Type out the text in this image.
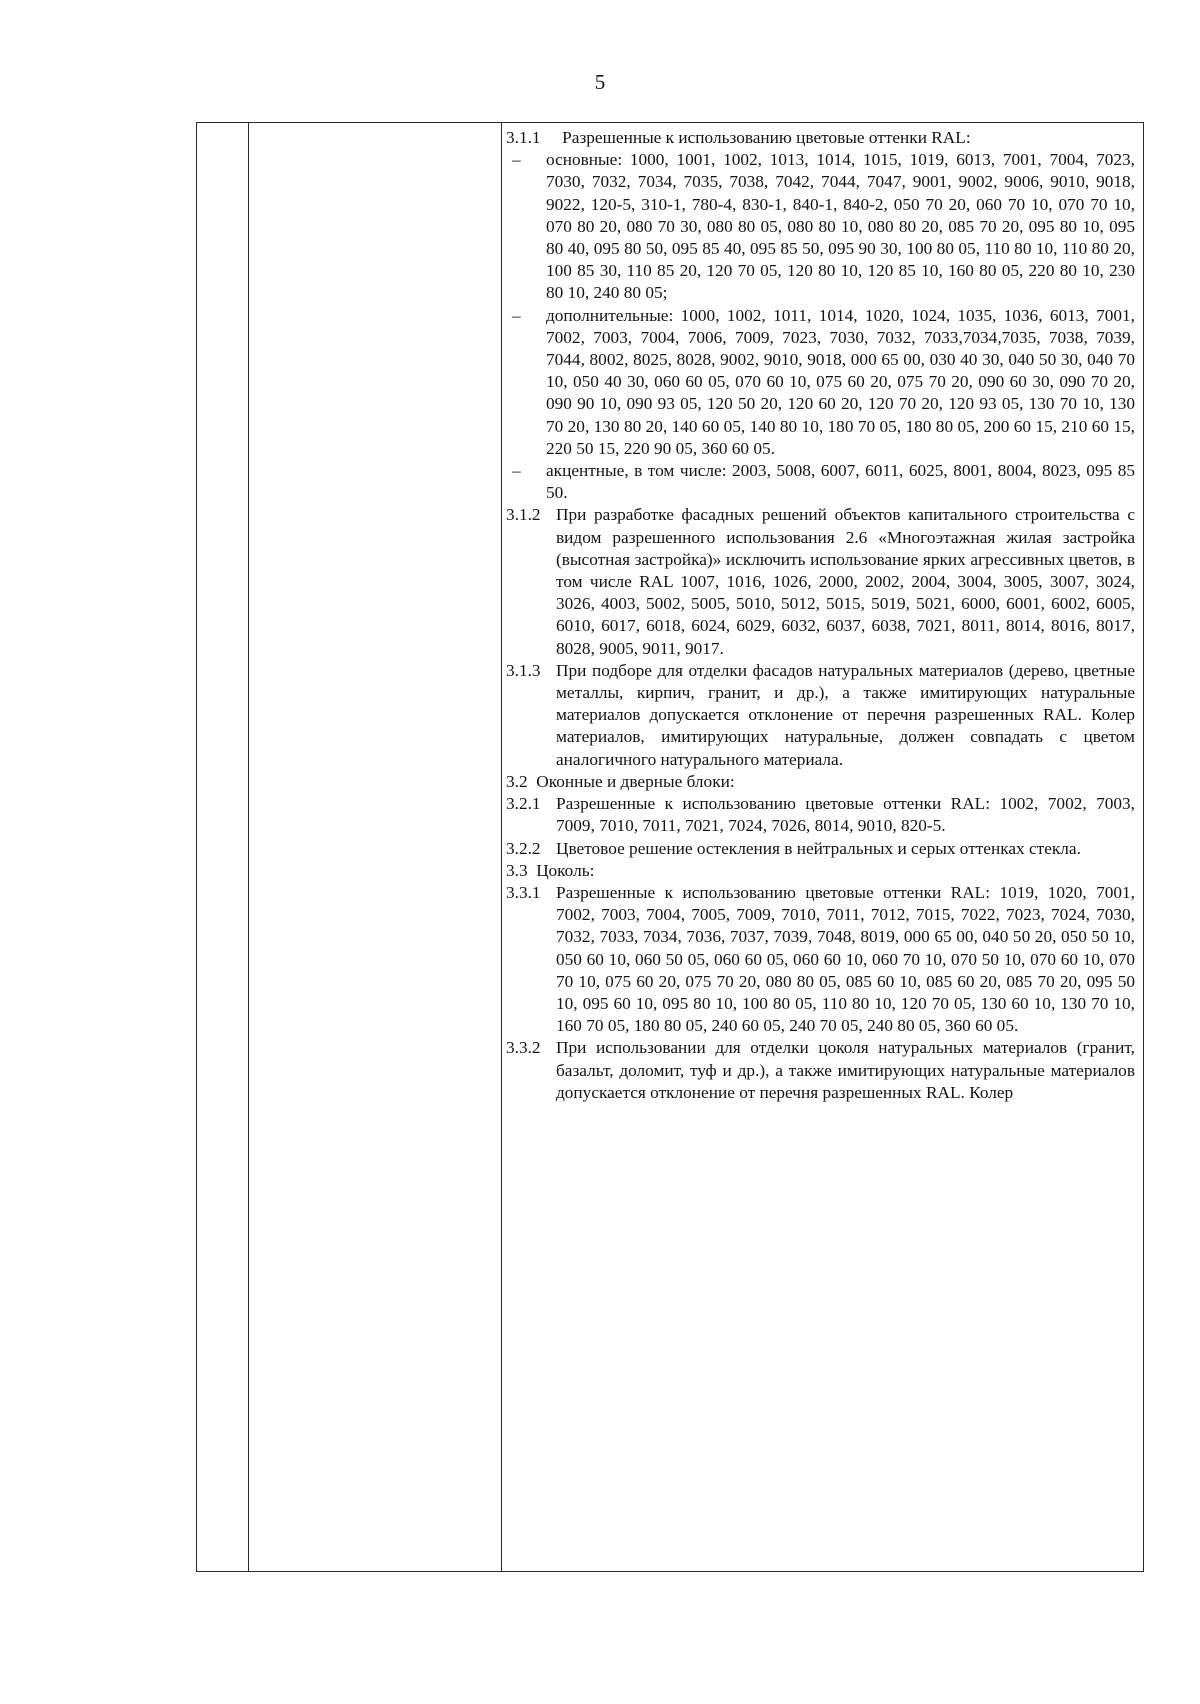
5
3.1.1 Разрешенные к использованию цветовые оттенки RAL:
– основные: 1000, 1001, 1002, 1013, 1014, 1015, 1019, 6013, 7001, 7004, 7023, 7030, 7032, 7034, 7035, 7038, 7042, 7044, 7047, 9001, 9002, 9006, 9010, 9018, 9022, 120-5, 310-1, 780-4, 830-1, 840-1, 840-2, 050 70 20, 060 70 10, 070 70 10, 070 80 20, 080 70 30, 080 80 05, 080 80 10, 080 80 20, 085 70 20, 095 80 10, 095 80 40, 095 80 50, 095 85 40, 095 85 50, 095 90 30, 100 80 05, 110 80 10, 110 80 20, 100 85 30, 110 85 20, 120 70 05, 120 80 10, 120 85 10, 160 80 05, 220 80 10, 230 80 10, 240 80 05;
– дополнительные: 1000, 1002, 1011, 1014, 1020, 1024, 1035, 1036, 6013, 7001, 7002, 7003, 7004, 7006, 7009, 7023, 7030, 7032, 7033,7034,7035, 7038, 7039, 7044, 8002, 8025, 8028, 9002, 9010, 9018, 000 65 00, 030 40 30, 040 50 30, 040 70 10, 050 40 30, 060 60 05, 070 60 10, 075 60 20, 075 70 20, 090 60 30, 090 70 20, 090 90 10, 090 93 05, 120 50 20, 120 60 20, 120 70 20, 120 93 05, 130 70 10, 130 70 20, 130 80 20, 140 60 05, 140 80 10, 180 70 05, 180 80 05, 200 60 15, 210 60 15, 220 50 15, 220 90 05, 360 60 05.
– акцентные, в том числе: 2003, 5008, 6007, 6011, 6025, 8001, 8004, 8023, 095 85 50.
3.1.2 При разработке фасадных решений объектов капитального строительства с видом разрешенного использования 2.6 «Многоэтажная жилая застройка (высотная застройка)» исключить использование ярких агрессивных цветов, в том числе RAL 1007, 1016, 1026, 2000, 2002, 2004, 3004, 3005, 3007, 3024, 3026, 4003, 5002, 5005, 5010, 5012, 5015, 5019, 5021, 6000, 6001, 6002, 6005, 6010, 6017, 6018, 6024, 6029, 6032, 6037, 6038, 7021, 8011, 8014, 8016, 8017, 8028, 9005, 9011, 9017.
3.1.3 При подборе для отделки фасадов натуральных материалов (дерево, цветные металлы, кирпич, гранит, и др.), а также имитирующих натуральные материалов допускается отклонение от перечня разрешенных RAL. Колер материалов, имитирующих натуральные, должен совпадать с цветом аналогичного натурального материала.
3.2 Оконные и дверные блоки:
3.2.1 Разрешенные к использованию цветовые оттенки RAL: 1002, 7002, 7003, 7009, 7010, 7011, 7021, 7024, 7026, 8014, 9010, 820-5.
3.2.2 Цветовое решение остекления в нейтральных и серых оттенках стекла.
3.3 Цоколь:
3.3.1 Разрешенные к использованию цветовые оттенки RAL: 1019, 1020, 7001, 7002, 7003, 7004, 7005, 7009, 7010, 7011, 7012, 7015, 7022, 7023, 7024, 7030, 7032, 7033, 7034, 7036, 7037, 7039, 7048, 8019, 000 65 00, 040 50 20, 050 50 10, 050 60 10, 060 50 05, 060 60 05, 060 60 10, 060 70 10, 070 50 10, 070 60 10, 070 70 10, 075 60 20, 075 70 20, 080 80 05, 085 60 10, 085 60 20, 085 70 20, 095 50 10, 095 60 10, 095 80 10, 100 80 05, 110 80 10, 120 70 05, 130 60 10, 130 70 10, 160 70 05, 180 80 05, 240 60 05, 240 70 05, 240 80 05, 360 60 05.
3.3.2 При использовании для отделки цоколя натуральных материалов (гранит, базальт, доломит, туф и др.), а также имитирующих натуральные материалов допускается отклонение от перечня разрешенных RAL. Колер
